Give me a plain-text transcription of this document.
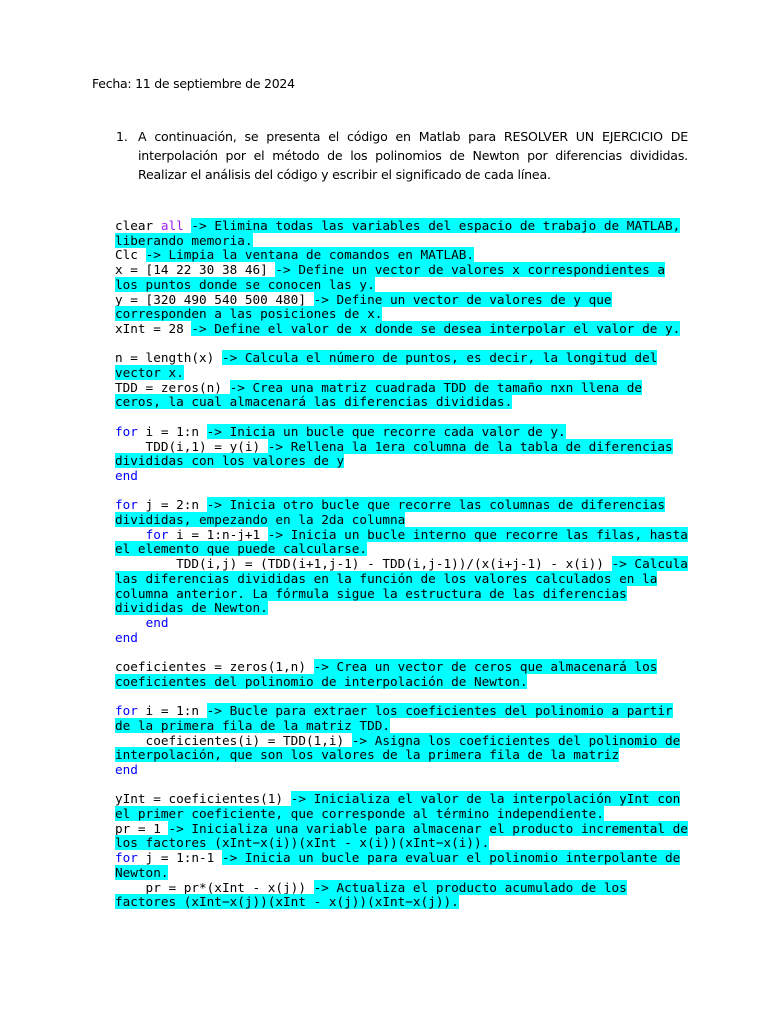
Fecha: 11 de septiembre de 2024
1. A continuación, se presenta el código en Matlab para RESOLVER UN EJERCICIO DE interpolación por el método de los polinomios de Newton por diferencias divididas. Realizar el análisis del código y escribir el significado de cada línea.
clear all -> Elimina todas las variables del espacio de trabajo de MATLAB,
liberando memoria.
Clc -> Limpia la ventana de comandos en MATLAB.
x = [14 22 30 38 46] -> Define un vector de valores x correspondientes a
los puntos donde se conocen las y.
y = [320 490 540 500 480] -> Define un vector de valores de y que
corresponden a las posiciones de x.
xInt = 28 -> Define el valor de x donde se desea interpolar el valor de y.
n = length(x) -> Calcula el número de puntos, es decir, la longitud del
vector x.
TDD = zeros(n) -> Crea una matriz cuadrada TDD de tamaño nxn llena de
ceros, la cual almacenará las diferencias divididas.
for i = 1:n -> Inicia un bucle que recorre cada valor de y.
TDD(i,1) = y(i) -> Rellena la 1era columna de la tabla de diferencias
divididas con los valores de y
end
for j = 2:n -> Inicia otro bucle que recorre las columnas de diferencias
divididas, empezando en la 2da columna
for i = 1:n-j+1 -> Inicia un bucle interno que recorre las filas, hasta
el elemento que puede calcularse.
TDD(i,j) = (TDD(i+1,j-1) - TDD(i,j-1))/(x(i+j-1) - x(i)) -> Calcula
las diferencias divididas en la función de los valores calculados en la
columna anterior. La fórmula sigue la estructura de las diferencias
divididas de Newton.
end
end
coeficientes = zeros(1,n) -> Crea un vector de ceros que almacenará los
coeficientes del polinomio de interpolación de Newton.
for i = 1:n -> Bucle para extraer los coeficientes del polinomio a partir
de la primera fila de la matriz TDD.
coeficientes(i) = TDD(1,i) -> Asigna los coeficientes del polinomio de
interpolación, que son los valores de la primera fila de la matriz
end
yInt = coeficientes(1) -> Inicializa el valor de la interpolación yInt con
el primer coeficiente, que corresponde al término independiente.
pr = 1 -> Inicializa una variable para almacenar el producto incremental de
los factores (xInt−x(i))(xInt - x(i))(xInt−x(i)).
for j = 1:n-1 -> Inicia un bucle para evaluar el polinomio interpolante de
Newton.
pr = pr*(xInt - x(j)) -> Actualiza el producto acumulado de los
factores (xInt−x(j))(xInt - x(j))(xInt−x(j)).
